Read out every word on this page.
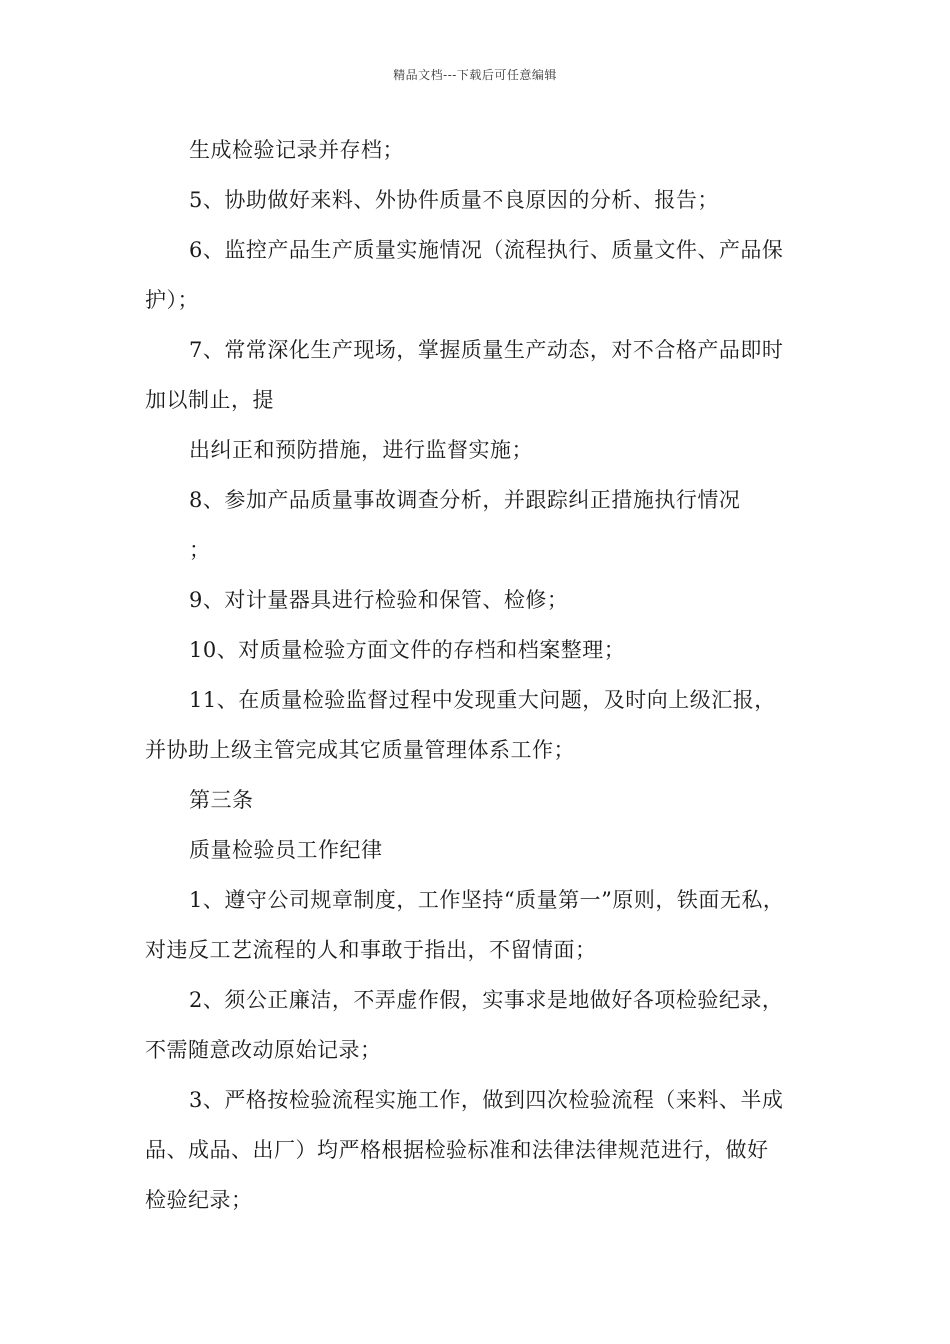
精品文档---下载后可任意编辑
生成检验记录并存档；
5、协助做好来料、外协件质量不良原因的分析、报告；
6、监控产品生产质量实施情况（流程执行、质量文件、产品保
护）；
7、常常深化生产现场，掌握质量生产动态，对不合格产品即时
加以制止，提
出纠正和预防措施，进行监督实施；
8、参加产品质量事故调查分析，并跟踪纠正措施执行情况
；
9、对计量器具进行检验和保管、检修；
10、对质量检验方面文件的存档和档案整理；
11、在质量检验监督过程中发现重大问题，及时向上级汇报，
并协助上级主管完成其它质量管理体系工作；
第三条
质量检验员工作纪律
1、遵守公司规章制度，工作坚持“质量第一”原则，铁面无私，
对违反工艺流程的人和事敢于指出，不留情面；
2、须公正廉洁，不弄虚作假，实事求是地做好各项检验纪录，
不需随意改动原始记录；
3、严格按检验流程实施工作，做到四次检验流程（来料、半成
品、成品、出厂）均严格根据检验标准和法律法律规范进行，做好
检验纪录；
